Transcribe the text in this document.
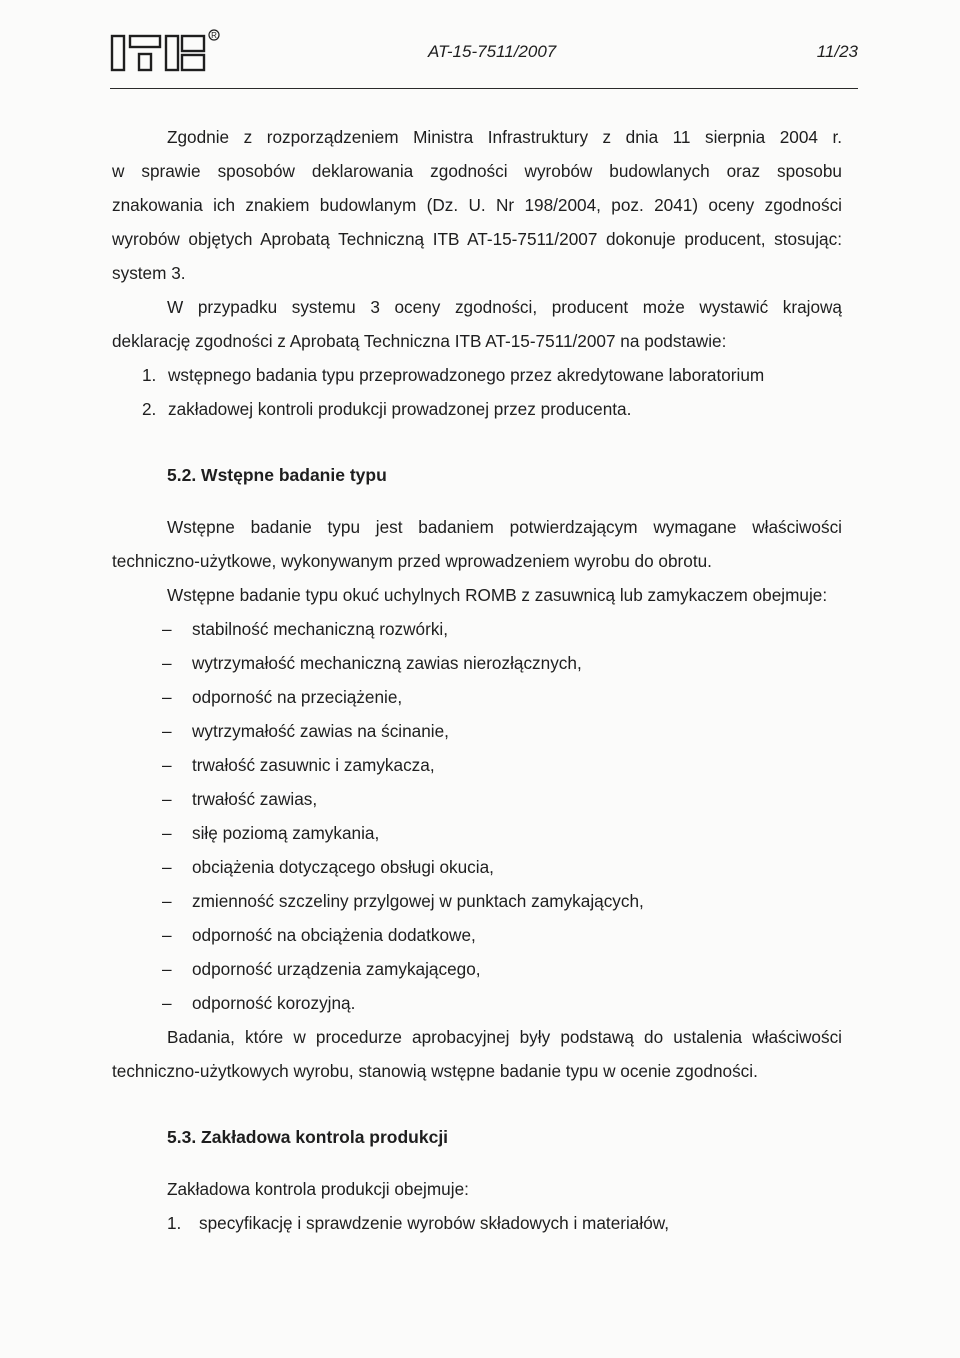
R
AT-15-7511/2007	11/23

Zgodnie z rozporządzeniem Ministra Infrastruktury z dnia 11 sierpnia 2004 r.

w sprawie sposobów deklarowania zgodności wyrobów budowlanych oraz sposobu

znakowania ich znakiem budowlanym (Dz. U. Nr 198/2004, poz. 2041) oceny zgodności

wyrobów objętych Aprobatą Techniczną ITB AT-15-7511/2007 dokonuje producent, stosując:

system 3.

W przypadku systemu 3 oceny zgodności, producent może wystawić krajową

deklarację zgodności z Aprobatą Techniczna ITB AT-15-7511/2007 na podstawie:

1. wstępnego badania typu przeprowadzonego przez akredytowane laboratorium

2. zakładowej kontroli produkcji prowadzonej przez producenta.

5.2. Wstępne badanie typu

Wstępne badanie typu jest badaniem potwierdzającym wymagane właściwości

techniczno-użytkowe, wykonywanym przed wprowadzeniem wyrobu do obrotu.

Wstępne badanie typu okuć uchylnych ROMB z zasuwnicą lub zamykaczem obejmuje:

– stabilność mechaniczną rozwórki,

– wytrzymałość mechaniczną zawias nierozłącznych,

– odporność na przeciążenie,

– wytrzymałość zawias na ścinanie,

– trwałość zasuwnic i zamykacza,

– trwałość zawias,

– siłę poziomą zamykania,

– obciążenia dotyczącego obsługi okucia,

– zmienność szczeliny przylgowej w punktach zamykających,

– odporność na obciążenia dodatkowe,

– odporność urządzenia zamykającego,

– odporność korozyjną.

Badania, które w procedurze aprobacyjnej były podstawą do ustalenia właściwości

techniczno-użytkowych wyrobu, stanowią wstępne badanie typu w ocenie zgodności.

5.3. Zakładowa kontrola produkcji

Zakładowa kontrola produkcji obejmuje:

1. specyfikację i sprawdzenie wyrobów składowych i materiałów,
